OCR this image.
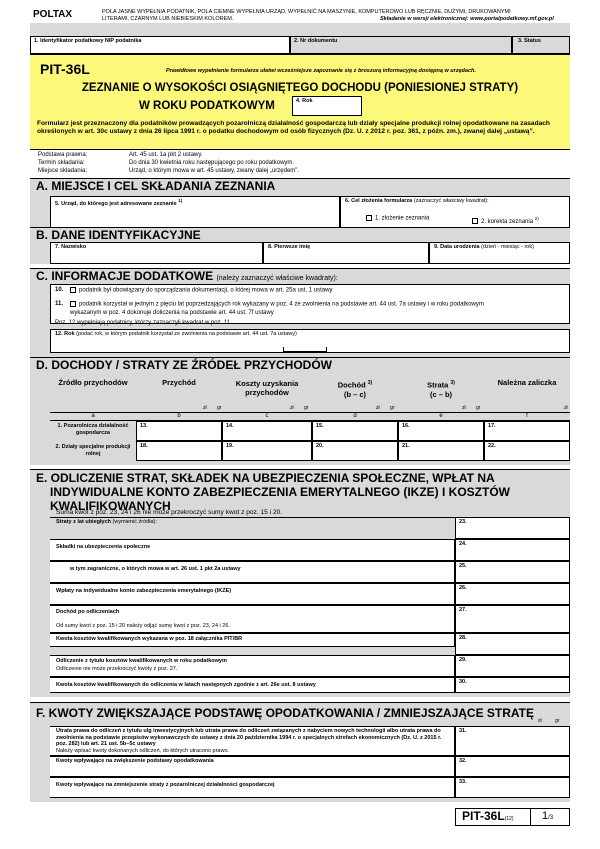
POLTAX	POLA JASNE WYPEŁNIA PODATNIK, POLA CIEMNE WYPEŁNIA URZĄD. WYPEŁNIĆ NA MASZYNIE, KOMPUTEROWO LUB RĘCZNIE, DUŻYMI, DRUKOWANYMI
LITERAMI, CZARNYM LUB NIEBIESKIM KOLOREM.	Składanie w wersji elektronicznej: www.portalpodatkowy.mf.gov.pl
1. Identyfikator podatkowy NIP podatnika	2. Nr dokumentu	3. Status
PIT-36L	Prawidłowe wypełnienie formularza ułatwi wcześniejsze zapoznanie się z broszurą informacyjną dostępną w urzędach.
ZEZNANIE O WYSOKOŚCI OSIĄGNIĘTEGO DOCHODU (PONIESIONEJ STRATY)
W ROKU PODATKOWYM	4. Rok
Formularz jest przeznaczony dla podatników prowadzących pozarolniczą działalność gospodarczą lub działy specjalne produkcji rolnej opodatkowane na zasadach określonych w art. 30c ustawy z dnia 26 lipca 1991 r. o podatku dochodowym od osób fizycznych (Dz. U. z 2012 r. poz. 361, z późn. zm.), zwanej dalej „ustawą”.
Podstawa prawna:	Art. 45 ust. 1a pkt 2 ustawy.
Termin składania:	Do dnia 30 kwietnia roku następującego po roku podatkowym.
Miejsce składania:	Urząd, o którym mowa w art. 45 ustawy, zwany dalej „urzędem”.
A. MIEJSCE I CEL SKŁADANIA ZEZNANIA
5. Urząd, do którego jest adresowane zeznanie $^{1)}$	6. Cel złożenia formularza (zaznaczyć właściwy kwadrat):
1. złożenie zeznania
2. korekta zeznania $^{2)}$
B. DANE IDENTYFIKACYJNE
7. Nazwisko	8. Pierwsze imię	9. Data urodzenia (dzień - miesiąc - rok)
C. INFORMACJE DODATKOWE (należy zaznaczyć właściwe kwadraty):
10.	podatnik był obowiązany do sporządzania dokumentacji, o której mowa w art. 25a ust. 1 ustawy
11.	podatnik korzystał w jednym z pięciu lat poprzedzających rok wykazany w poz. 4 ze zwolnienia na podstawie art. 44 ust. 7a ustawy i w roku podatkowym
wykazanym w poz. 4 dokonuje doliczenia na podstawie art. 44 ust. 7f ustawy
Poz. 12 wypełniają podatnicy, którzy zaznaczyli kwadrat w poz. 11.
12. Rok (podać rok, w którym podatnik korzystał ze zwolnienia na podstawie art. 44 ust. 7a ustawy)
D. DOCHODY / STRATY ZE ŹRÓDEŁ PRZYCHODÓW
Źródło przychodów	Przychód	Koszty uzyskania przychodów
Dochód $^{3)}$
(b – c)
Strata $^{3)}$
(c – b)
Należna zaliczka
zł gr	zł gr	zł gr	zł gr	zł
a	b	c	d	e	f
1. Pozarolnicza działalność gospodarcza
13.	14.	15.	16.	17.
2. Działy specjalne produkcji rolnej
18.	19.	20.	21.	22.
E. ODLICZENIE STRAT, SKŁADEK NA UBEZPIECZENIA SPOŁECZNE, WPŁAT NA
INDYWIDUALNE KONTO ZABEZPIECZENIA EMERYTALNEGO (IKZE) I KOSZTÓW
KWALIFIKOWANYCH
Suma kwot z poz. 23, 24 i 26 nie może przekroczyć sumy kwot z poz. 15 i 20.
Straty z lat ubiegłych (wymienić źródła):	23.
Składki na ubezpieczenia społeczne	24.
w tym zagraniczne, o których mowa w art. 26 ust. 1 pkt 2a ustawy	25.
Wpłaty na indywidualne konto zabezpieczenia emerytalnego (IKZE)	26.
Dochód po odliczeniach
Od sumy kwot z poz. 15 i 20 należy odjąć sumę kwot z poz. 23, 24 i 26.
27.
Kwota kosztów kwalifikowanych wykazana w poz. 18 załącznika PIT/BR	28.
Odliczenie z tytułu kosztów kwalifikowanych w roku podatkowym
Odliczenie nie może przekroczyć kwoty z poz. 27.
29.
Kwota kosztów kwalifikowanych do odliczenia w latach następnych zgodnie z art. 26e ust. 8 ustawy	30.
F. KWOTY ZWIĘKSZAJĄCE PODSTAWĘ OPODATKOWANIA / ZMNIEJSZAJĄCE STRATĘ
zł	gr
Utrata prawa do odliczeń z tytułu ulg inwestycyjnych lub utrata prawa do odliczeń związanych z nabyciem nowych technologii albo utrata prawa do zwolnienia na podstawie przepisów wykonawczych do ustawy z dnia 20 października 1994 r. o specjalnych strefach ekonomicznych (Dz. U. z 2015 r. poz. 282) lub art. 21 ust. 5b–5c ustawy
Należy wpisać kwoty dokonanych odliczeń, do których utracono prawo.
31.
Kwoty wpływające na zwiększenie podstawy opodatkowania	32.
Kwoty wpływające na zmniejszenie straty z pozarolniczej działalności gospodarczej	33.
PIT-36L(12)	1/3
